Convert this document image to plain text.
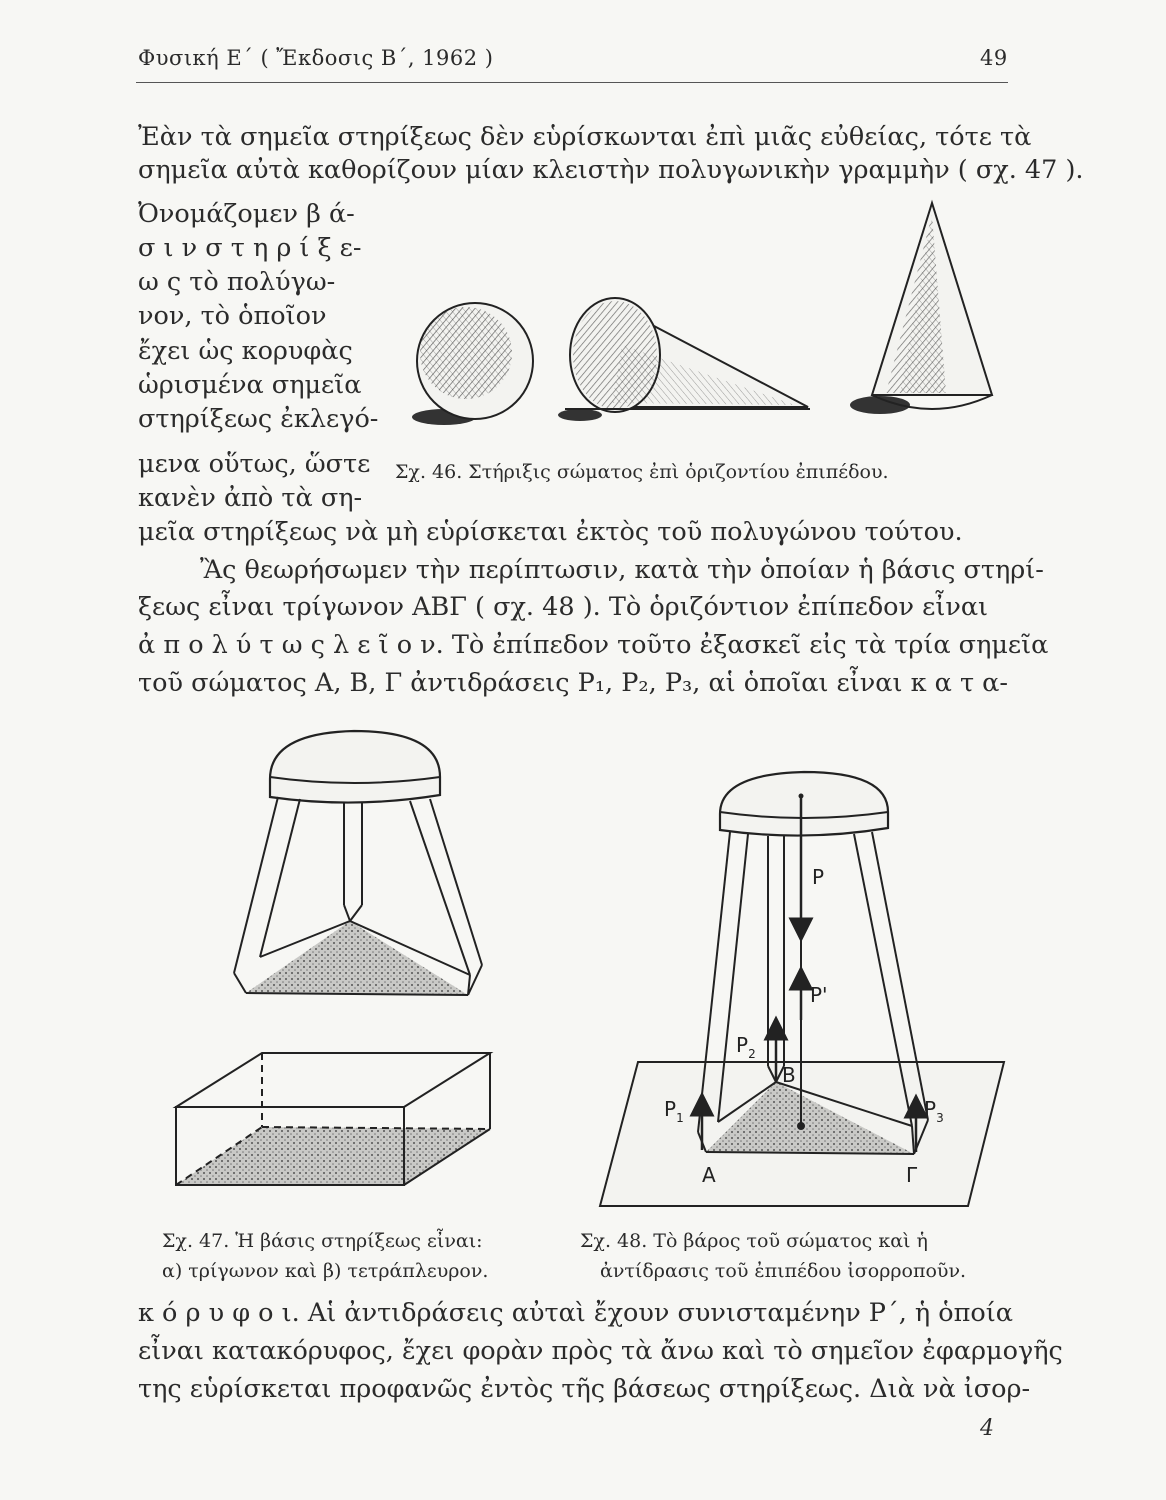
Φυσική Ε΄ ( Ἔκδοσις Β΄, 1962 )	49
Ἐὰν τὰ σημεῖα στηρίξεως δὲν εὑρίσκωνται ἐπὶ μιᾶς εὐθείας, τότε τὰ
σημεῖα αὐτὰ καθορίζουν μίαν κλειστὴν πολυγωνικὴν γραμμὴν ( σχ. 47 ).
Ὀνομάζομεν β ά-
σ ι ν σ τ η ρ ί ξ ε-
ω ς τὸ πολύγω-
νον, τὸ ὁποῖον
ἔχει ὡς κορυφὰς
ὡρισμένα σημεῖα
στηρίξεως ἐκλεγό-
μενα οὕτως, ὥστε
κανὲν ἀπὸ τὰ ση-
Σχ. 46. Στήριξις σώματος ἐπὶ ὁριζοντίου ἐπιπέδου.
μεῖα στηρίξεως νὰ μὴ εὑρίσκεται ἐκτὸς τοῦ πολυγώνου τούτου.
Ἂς θεωρήσωμεν τὴν περίπτωσιν, κατὰ τὴν ὁποίαν ἡ βάσις στηρί-
ξεως εἶναι τρίγωνον ΑΒΓ ( σχ. 48 ). Τὸ ὁριζόντιον ἐπίπεδον εἶναι
ἀ π ο λ ύ τ ω ς λ ε ῖ ο ν. Τὸ ἐπίπεδον τοῦτο ἐξασκεῖ εἰς τὰ τρία σημεῖα
τοῦ σώματος Α, Β, Γ ἀντιδράσεις P₁, P₂, P₃, αἱ ὁποῖαι εἶναι κ α τ α-
Σχ. 47. Ἡ βάσις στηρίξεως εἶναι:
α) τρίγωνον καὶ β) τετράπλευρον.
P
P'
$P_2$
B
$P_1$	$P_3$
A	Γ
Σχ. 48. Τὸ βάρος τοῦ σώματος καὶ ἡ
ἀντίδρασις τοῦ ἐπιπέδου ἰσορροποῦν.
κ ό ρ υ φ ο ι. Αἱ ἀντιδράσεις αὐταὶ ἔχουν συνισταμένην P΄, ἡ ὁποία
εἶναι κατακόρυφος, ἔχει φορὰν πρὸς τὰ ἄνω καὶ τὸ σημεῖον ἐφαρμογῆς
της εὑρίσκεται προφανῶς ἐντὸς τῆς βάσεως στηρίξεως. Διὰ νὰ ἰσορ-
4
